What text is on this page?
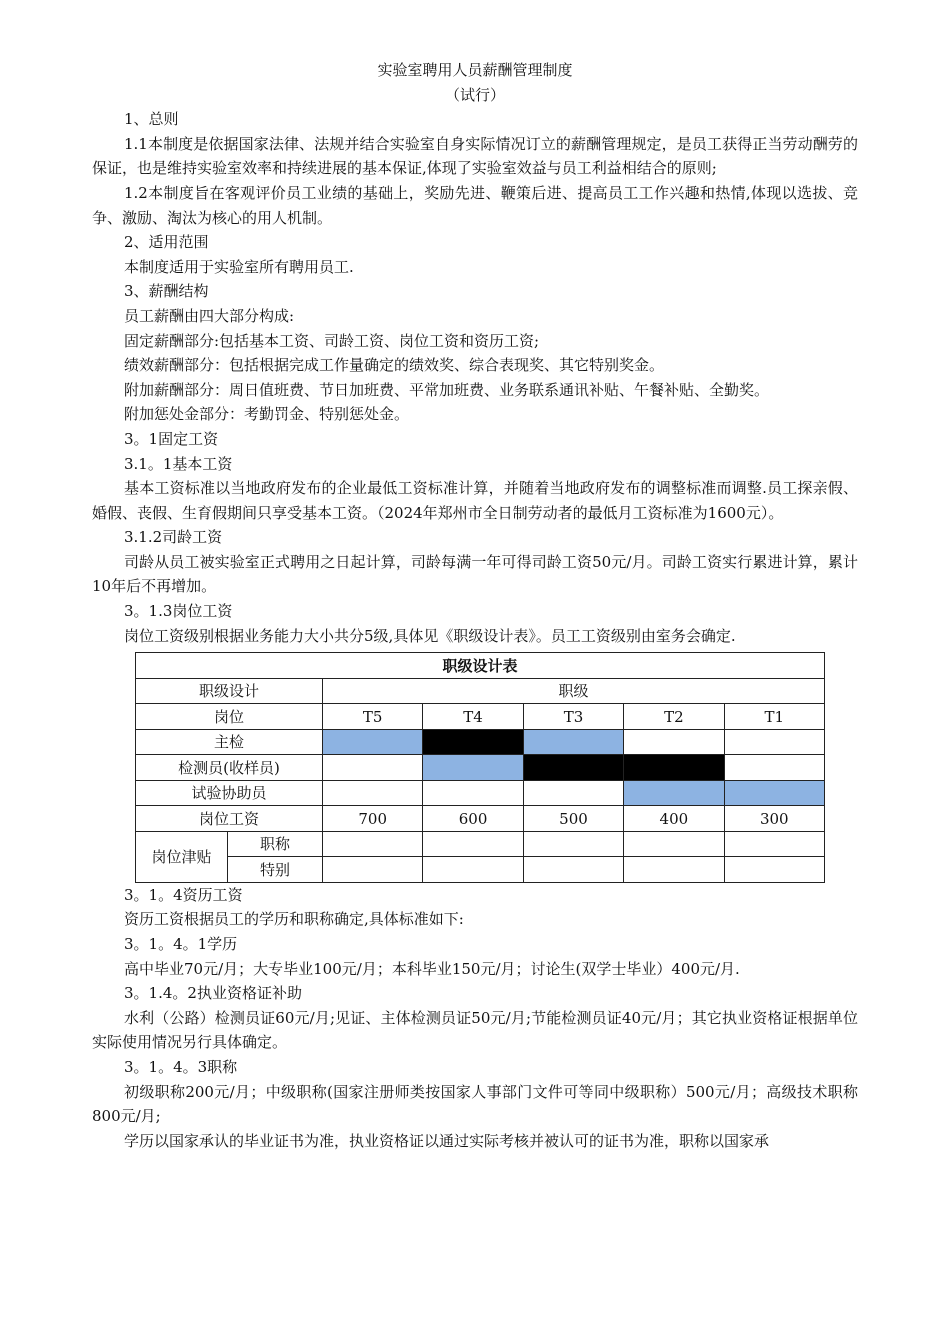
实验室聘用人员薪酬管理制度

（试行）

1、总则

1.1本制度是依据国家法律、法规并结合实验室自身实际情况订立的薪酬管理规定，是员工获得正当劳动酬劳的保证，也是维持实验室效率和持续进展的基本保证,体现了实验室效益与员工利益相结合的原则;

1.2本制度旨在客观评价员工业绩的基础上，奖励先进、鞭策后进、提高员工工作兴趣和热情,体现以选拔、竞争、激励、淘汰为核心的用人机制。

2、适用范围

本制度适用于实验室所有聘用员工.

3、薪酬结构

员工薪酬由四大部分构成:

固定薪酬部分:包括基本工资、司龄工资、岗位工资和资历工资;

绩效薪酬部分：包括根据完成工作量确定的绩效奖、综合表现奖、其它特别奖金。

附加薪酬部分：周日值班费、节日加班费、平常加班费、业务联系通讯补贴、午餐补贴、全勤奖。

附加惩处金部分：考勤罚金、特别惩处金。

3。1固定工资

3.1。1基本工资

基本工资标准以当地政府发布的企业最低工资标准计算，并随着当地政府发布的调整标准而调整.员工探亲假、婚假、丧假、生育假期间只享受基本工资。（2024年郑州市全日制劳动者的最低月工资标准为1600元）。

3.1.2司龄工资

司龄从员工被实验室正式聘用之日起计算，司龄每满一年可得司龄工资50元/月。司龄工资实行累进计算，累计10年后不再增加。

3。1.3岗位工资

岗位工资级别根据业务能力大小共分5级,具体见《职级设计表》。员工工资级别由室务会确定.

职级设计表						
职级设计		职级				
岗位		T5	T4	T3	T2	T1
主检						
检测员(收样员)						
试验协助员						
岗位工资		700	600	500	400	300
岗位津贴	职称					
	特别					

3。1。4资历工资

资历工资根据员工的学历和职称确定,具体标准如下:

3。1。4。1学历

高中毕业70元/月；大专毕业100元/月；本科毕业150元/月；讨论生(双学士毕业）400元/月.

3。1.4。2执业资格证补助

水利（公路）检测员证60元/月;见证、主体检测员证50元/月;节能检测员证40元/月；其它执业资格证根据单位实际使用情况另行具体确定。

3。1。4。3职称

初级职称200元/月；中级职称(国家注册师类按国家人事部门文件可等同中级职称）500元/月；高级技术职称800元/月;

学历以国家承认的毕业证书为准，执业资格证以通过实际考核并被认可的证书为准，职称以国家承
